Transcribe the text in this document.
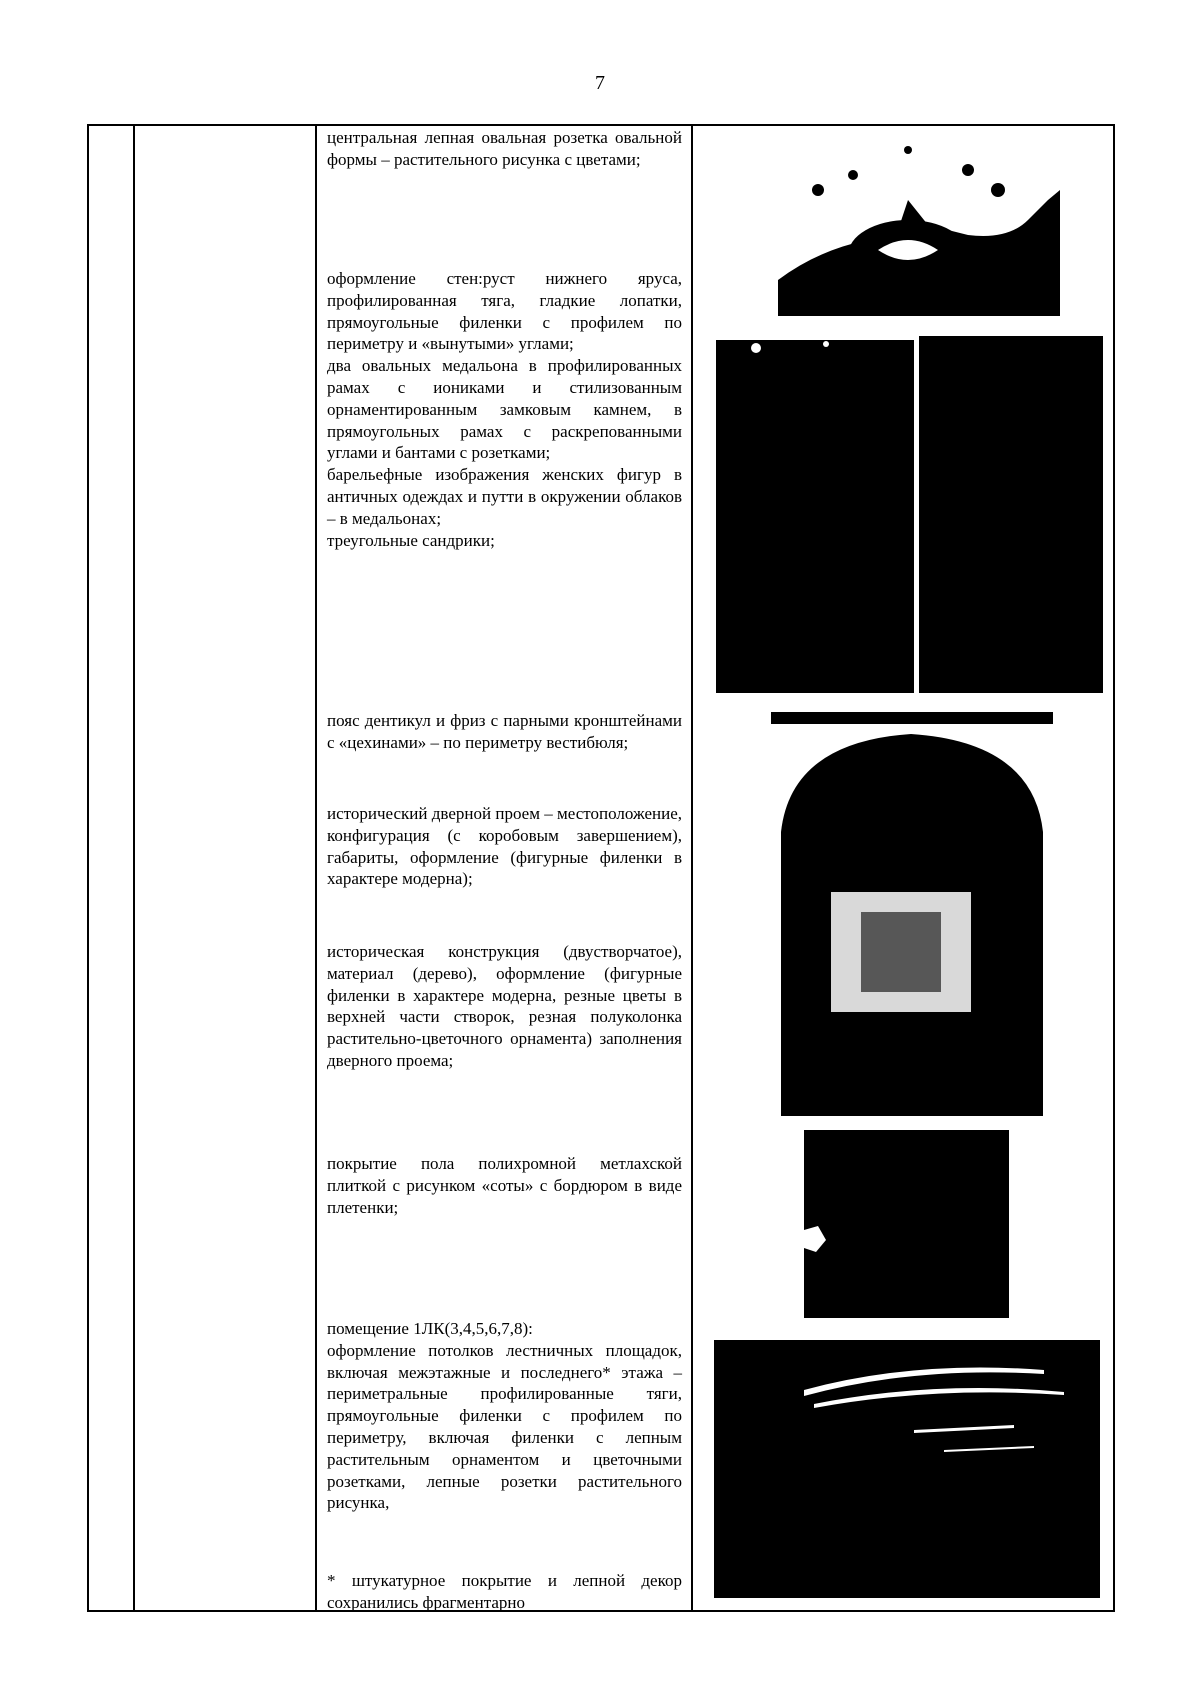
7

центральная лепная овальная розетка овальной формы – растительного рисунка с цветами;

оформление стен:руст нижнего яруса, профилированная тяга, гладкие лопатки, прямоугольные филенки с профилем по периметру и «вынутыми» углами;

два овальных медальона в профилированных рамах с иониками и стилизованным орнаментированным замковым камнем, в прямоугольных рамах с раскрепованными углами и бантами с розетками;

барельефные изображения женских фигур в античных одеждах и путти в окружении облаков – в медальонах;

треугольные сандрики;

пояс дентикул и фриз с парными кронштейнами с «цехинами» – по периметру вестибюля;

исторический дверной проем – местоположение, конфигурация (с коробовым завершением), габариты, оформление (фигурные филенки в характере модерна);

историческая конструкция (двустворчатое), материал (дерево), оформление (фигурные филенки в характере модерна, резные цветы в верхней части створок, резная полуколонка растительно-цветочного орнамента) заполнения дверного проема;

покрытие пола полихромной метлахской плиткой с рисунком «соты» с бордюром в виде плетенки;

помещение 1ЛК(3,4,5,6,7,8):

оформление потолков лестничных площадок, включая межэтажные и последнего* этажа – периметральные профилированные тяги, прямоугольные филенки с профилем по периметру, включая филенки с лепным растительным орнаментом и цветочными розетками, лепные розетки растительного рисунка,

* штукатурное покрытие и лепной декор сохранились фрагментарно
